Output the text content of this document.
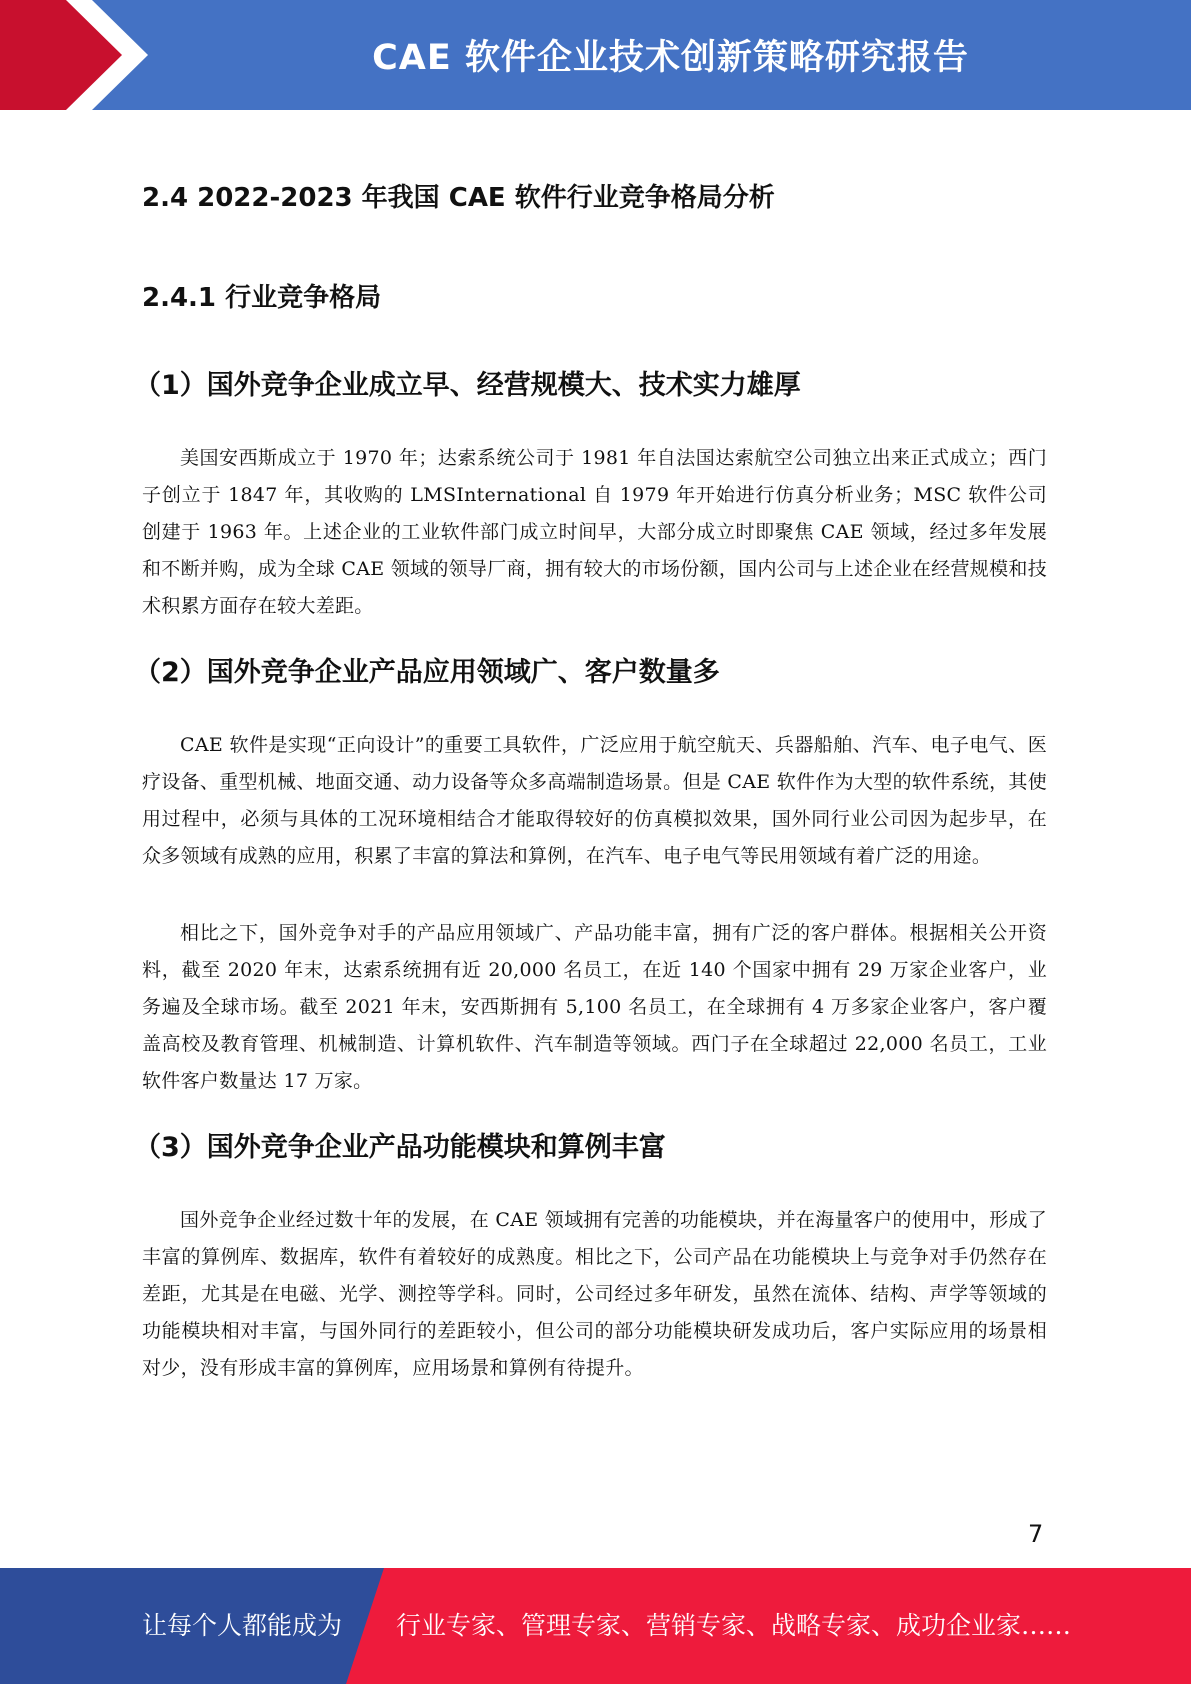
CAE 软件企业技术创新策略研究报告
2.4 2022-2023 年我国 CAE 软件行业竞争格局分析
2.4.1 行业竞争格局
（1）国外竞争企业成立早、经营规模大、技术实力雄厚

美国安西斯成立于 1970 年；达索系统公司于 1981 年自法国达索航空公司独立出来正式成立；西门子创立于 1847 年，其收购的 LMSInternational 自 1979 年开始进行仿真分析业务；MSC 软件公司创建于 1963 年。上述企业的工业软件部门成立时间早，大部分成立时即聚焦 CAE 领域，经过多年发展和不断并购，成为全球 CAE 领域的领导厂商，拥有较大的市场份额，国内公司与上述企业在经营规模和技术积累方面存在较大差距。

（2）国外竞争企业产品应用领域广、客户数量多

CAE 软件是实现“正向设计”的重要工具软件，广泛应用于航空航天、兵器船舶、汽车、电子电气、医疗设备、重型机械、地面交通、动力设备等众多高端制造场景。但是 CAE 软件作为大型的软件系统，其使用过程中，必须与具体的工况环境相结合才能取得较好的仿真模拟效果，国外同行业公司因为起步早，在众多领域有成熟的应用，积累了丰富的算法和算例，在汽车、电子电气等民用领域有着广泛的用途。

相比之下，国外竞争对手的产品应用领域广、产品功能丰富，拥有广泛的客户群体。根据相关公开资料，截至 2020 年末，达索系统拥有近 20,000 名员工，在近 140 个国家中拥有 29 万家企业客户，业务遍及全球市场。截至 2021 年末，安西斯拥有 5,100 名员工，在全球拥有 4 万多家企业客户，客户覆盖高校及教育管理、机械制造、计算机软件、汽车制造等领域。西门子在全球超过 22,000 名员工，工业软件客户数量达 17 万家。

（3）国外竞争企业产品功能模块和算例丰富

国外竞争企业经过数十年的发展，在 CAE 领域拥有完善的功能模块，并在海量客户的使用中，形成了丰富的算例库、数据库，软件有着较好的成熟度。相比之下，公司产品在功能模块上与竞争对手仍然存在差距，尤其是在电磁、光学、测控等学科。同时，公司经过多年研发，虽然在流体、结构、声学等领域的功能模块相对丰富，与国外同行的差距较小，但公司的部分功能模块研发成功后，客户实际应用的场景相对少，没有形成丰富的算例库，应用场景和算例有待提升。

7
让每个人都能成为 行业专家、管理专家、营销专家、战略专家、成功企业家……
